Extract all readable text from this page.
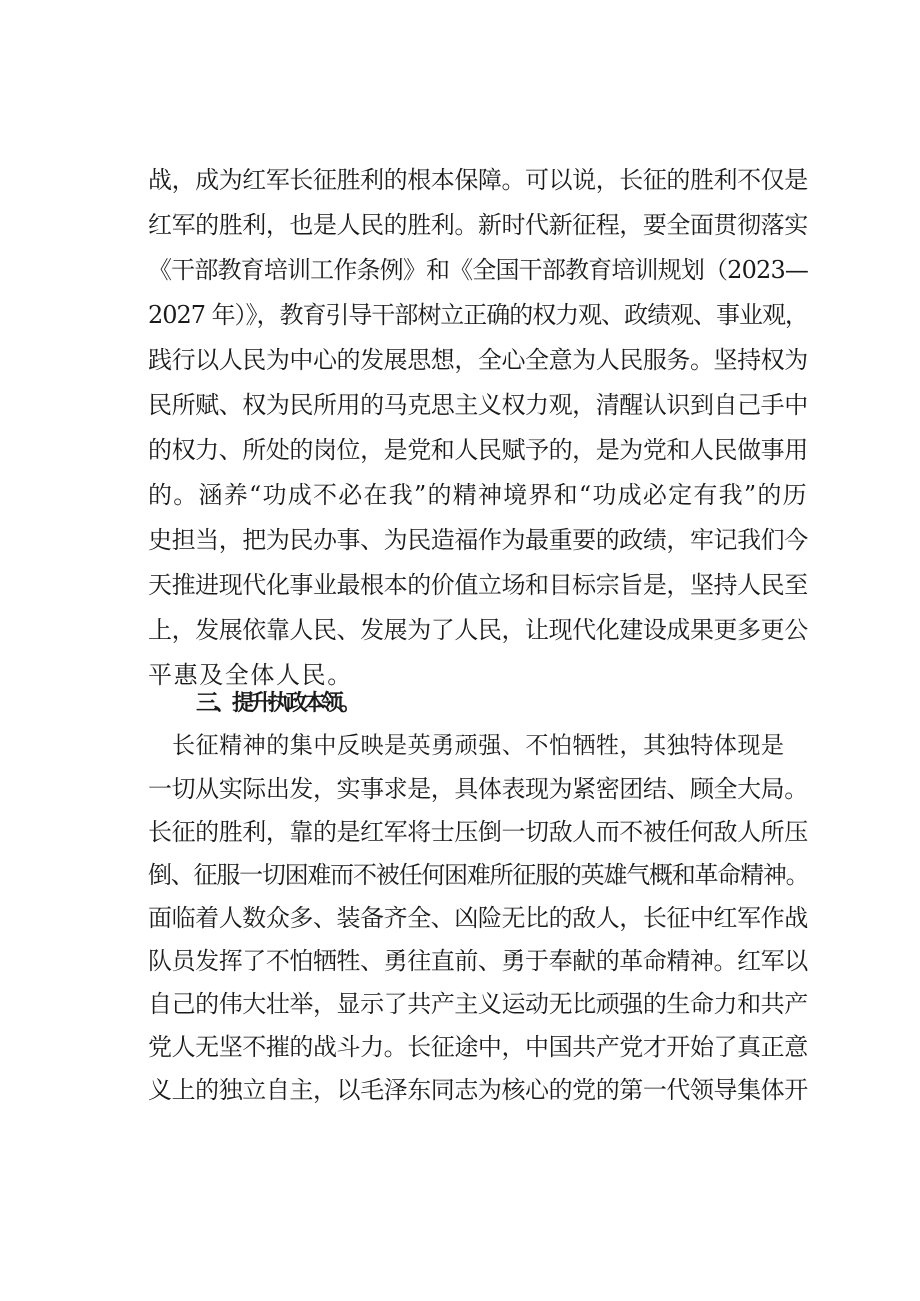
战，成为红军长征胜利的根本保障。可以说，长征的胜利不仅是
红军的胜利，也是人民的胜利。新时代新征程，要全面贯彻落实
《干部教育培训工作条例》和《全国干部教育培训规划（2023—
2027 年）》，教育引导干部树立正确的权力观、政绩观、事业观，
践行以人民为中心的发展思想，全心全意为人民服务。坚持权为
民所赋、权为民所用的马克思主义权力观，清醒认识到自己手中
的权力、所处的岗位，是党和人民赋予的，是为党和人民做事用
的。涵养“功成不必在我”的精神境界和“功成必定有我”的历
史担当，把为民办事、为民造福作为最重要的政绩，牢记我们今
天推进现代化事业最根本的价值立场和目标宗旨是，坚持人民至
上，发展依靠人民、发展为了人民，让现代化建设成果更多更公
平惠及全体人民。
三、提升执政本领。
长征精神的集中反映是英勇顽强、不怕牺牲，其独特体现是
一切从实际出发，实事求是，具体表现为紧密团结、顾全大局。
长征的胜利，靠的是红军将士压倒一切敌人而不被任何敌人所压
倒、征服一切困难而不被任何困难所征服的英雄气概和革命精神。
面临着人数众多、装备齐全、凶险无比的敌人，长征中红军作战
队员发挥了不怕牺牲、勇往直前、勇于奉献的革命精神。红军以
自己的伟大壮举，显示了共产主义运动无比顽强的生命力和共产
党人无坚不摧的战斗力。长征途中，中国共产党才开始了真正意
义上的独立自主，以毛泽东同志为核心的党的第一代领导集体开
